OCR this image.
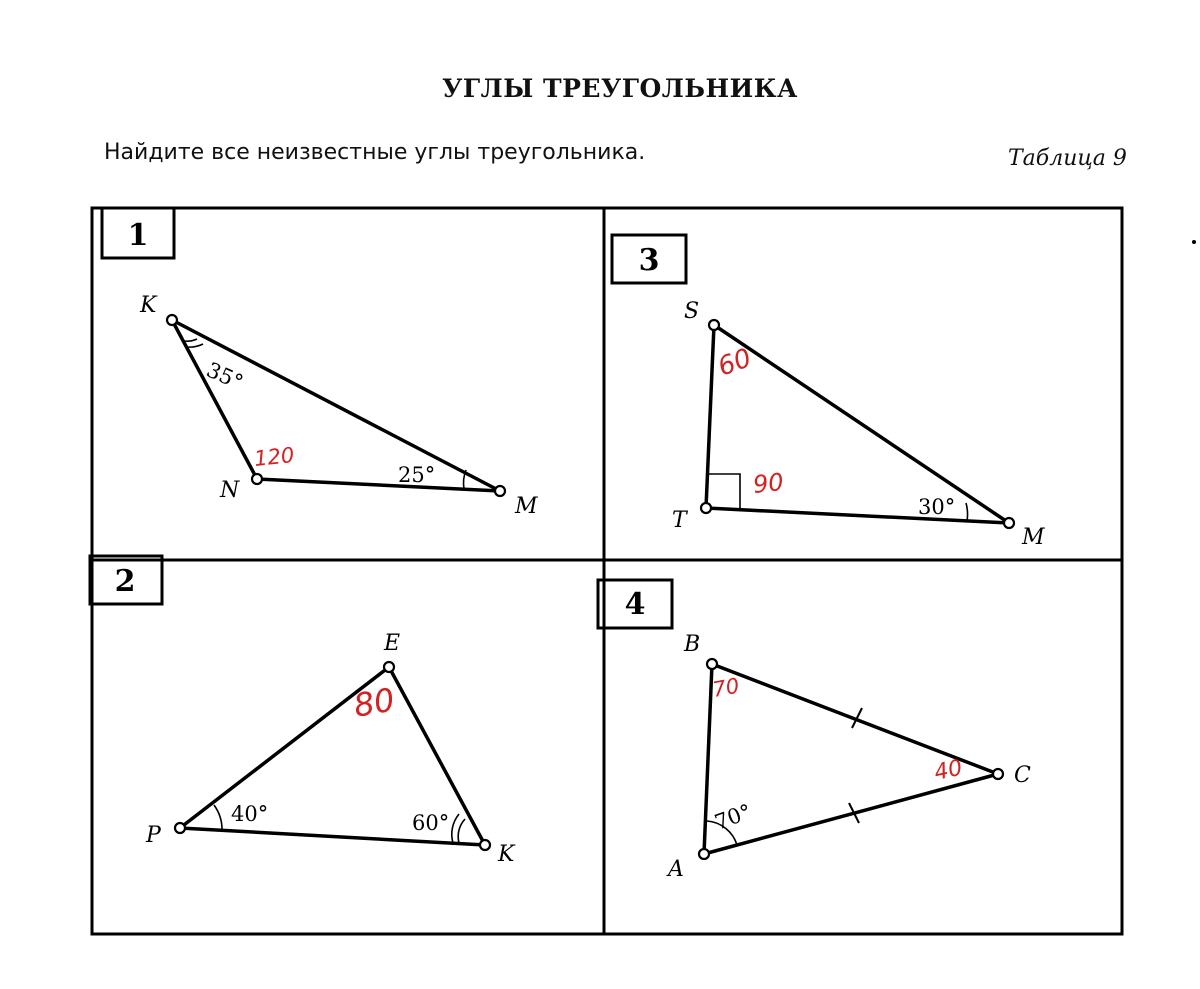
УГЛЫ ТРЕУГОЛЬНИКА
Найдите все неизвестные углы треугольника.	Таблица 9
1
2
3
4
K
N
M
35°
25°
120
E
P
K
40°	60°
80
S
T
M
30°
60
90
B
C
A
70°
70
40
